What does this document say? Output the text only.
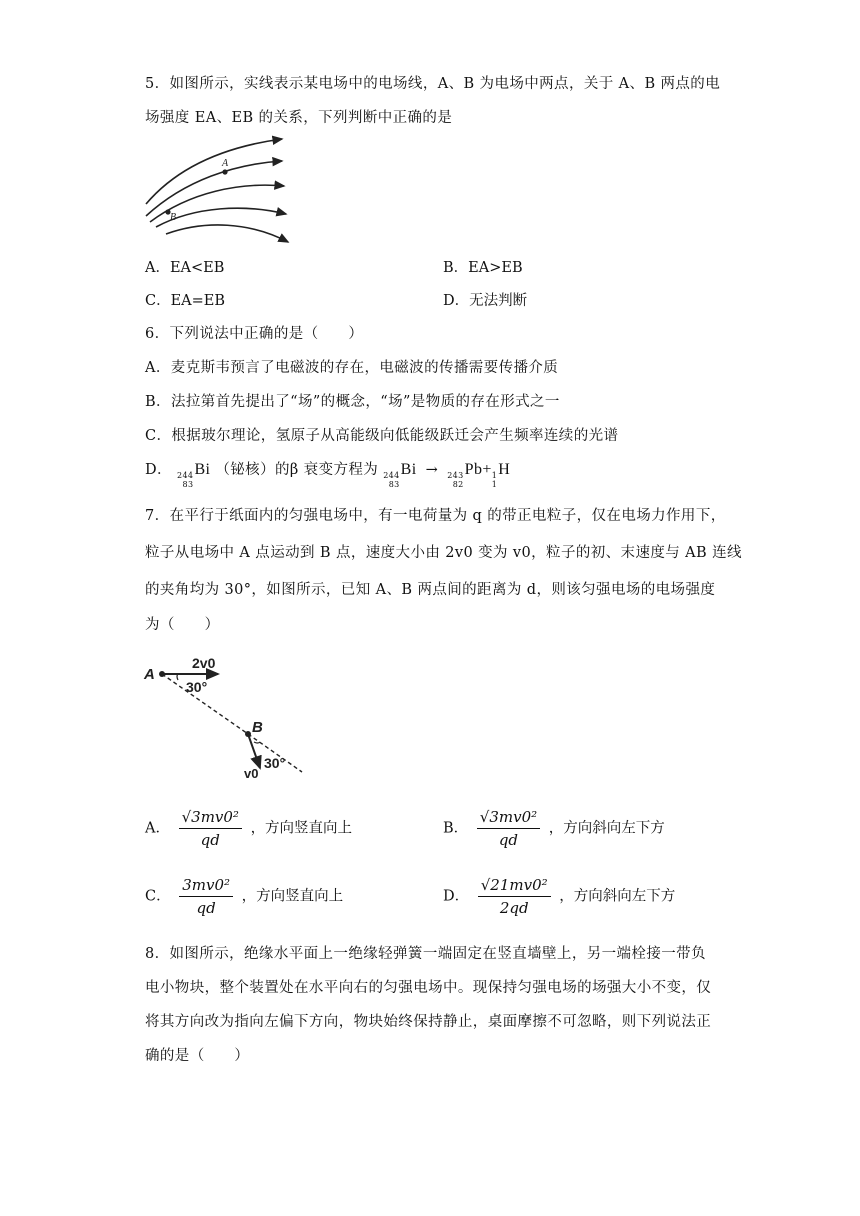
5．如图所示，实线表示某电场中的电场线，A、B 为电场中两点，关于 A、B 两点的电
场强度 EA、EB 的关系，下列判断中正确的是
A
B
A．EA<EB	B．EA>EB
C．EA=EB	D．无法判断
6．下列说法中正确的是（　　）
A．麦克斯韦预言了电磁波的存在，电磁波的传播需要传播介质
B．法拉第首先提出了“场”的概念，“场”是物质的存在形式之一
C．根据玻尔理论，氢原子从高能级向低能级跃迁会产生频率连续的光谱
D． 244
83
Bi （铋核）的β 衰变方程为 244
83
Bi → 243
82
Pb+ 1
1
H
7．在平行于纸面内的匀强电场中，有一电荷量为 q 的带正电粒子，仅在电场力作用下，
粒子从电场中 A 点运动到 B 点，速度大小由 2v0 变为 v0，粒子的初、末速度与 AB 连线
的夹角均为 30°，如图所示，已知 A、B 两点间的距离为 d，则该匀强电场的电场强度
为（　　）
A
2v0
30°
B
30°
v0
A． $\frac{\text{√3mv0²}}{qd}$ ，方向竖直向上	B． $\frac{\text{√3mv0²}}{qd}$ ，方向斜向左下方
C． $\frac{\text{3mv0²}}{qd}$ ，方向竖直向上	D． $\frac{\text{√21mv0²}}{2qd}$ ，方向斜向左下方
8．如图所示，绝缘水平面上一绝缘轻弹簧一端固定在竖直墙壁上，另一端栓接一带负
电小物块，整个装置处在水平向右的匀强电场中。现保持匀强电场的场强大小不变，仅
将其方向改为指向左偏下方向，物块始终保持静止，桌面摩擦不可忽略，则下列说法正
确的是（　　）
